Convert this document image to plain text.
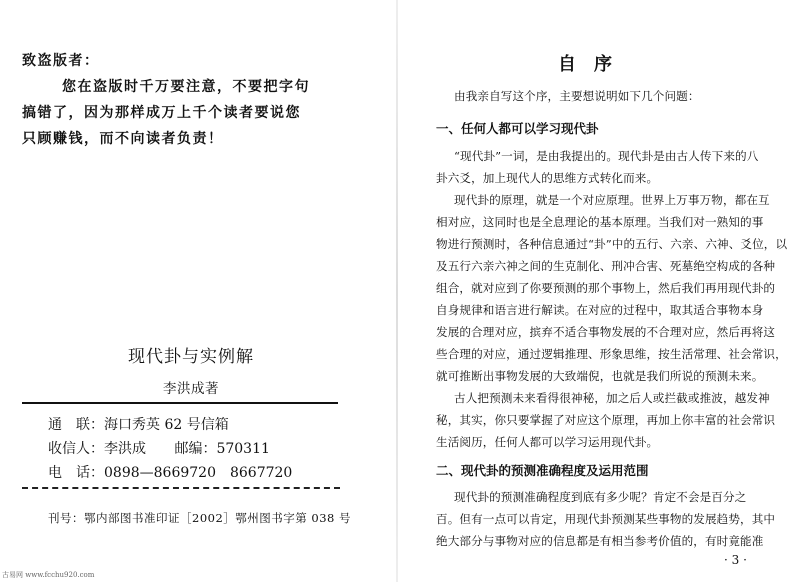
致盗版者：
您在盗版时千万要注意，不要把字句
搞错了，因为那样成万上千个读者要说您
只顾赚钱，而不向读者负责！
现代卦与实例解
李洪成著
通　联：海口秀英 62 号信箱
收信人：李洪成 邮编：570311
电　话：0898—8669720　8667720
刊号：鄂内部图书准印证［2002］鄂州图书字第 038 号
古易网 www.fcchu920.com
自　序
由我亲自写这个序，主要想说明如下几个问题：
一、任何人都可以学习现代卦
“现代卦”一词，是由我提出的。现代卦是由古人传下来的八
卦六爻，加上现代人的思维方式转化而来。
现代卦的原理，就是一个对应原理。世界上万事万物，都在互
相对应，这同时也是全息理论的基本原理。当我们对一熟知的事
物进行预测时，各种信息通过“卦”中的五行、六亲、六神、爻位，以
及五行六亲六神之间的生克制化、刑冲合害、死墓绝空构成的各种
组合，就对应到了你要预测的那个事物上，然后我们再用现代卦的
自身规律和语言进行解读。在对应的过程中，取其适合事物本身
发展的合理对应，摈弃不适合事物发展的不合理对应，然后再将这
些合理的对应，通过逻辑推理、形象思维，按生活常理、社会常识，
就可推断出事物发展的大致端倪，也就是我们所说的预测未来。
古人把预测未来看得很神秘，加之后人或拦截或推波，越发神
秘，其实，你只要掌握了对应这个原理，再加上你丰富的社会常识
生活阅历，任何人都可以学习运用现代卦。
二、现代卦的预测准确程度及运用范围
现代卦的预测准确程度到底有多少呢？肯定不会是百分之
百。但有一点可以肯定，用现代卦预测某些事物的发展趋势，其中
绝大部分与事物对应的信息都是有相当参考价值的，有时竟能准
· 3 ·
